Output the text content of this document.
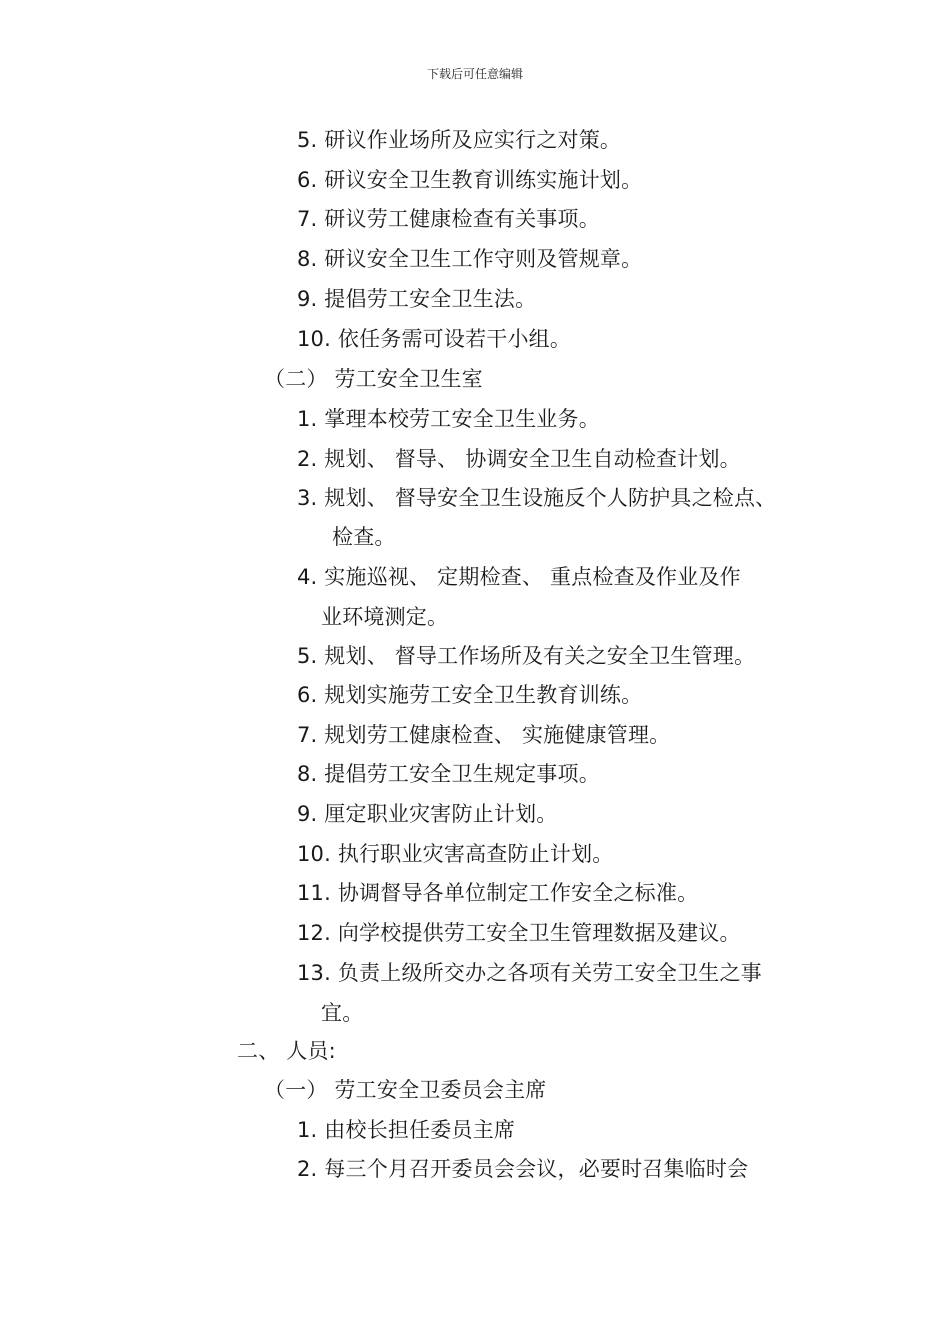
下载后可任意编辑
5. 研议作业场所及应实行之对策。
6. 研议安全卫生教育训练实施计划。
7. 研议劳工健康检查有关事项。
8. 研议安全卫生工作守则及管规章。
9. 提倡劳工安全卫生法。
10. 依任务需可设若干小组。
（二） 劳工安全卫生室
1. 掌理本校劳工安全卫生业务。
2. 规划、 督导、 协调安全卫生自动检查计划。
3. 规划、 督导安全卫生设施反个人防护具之检点、
检查。
4. 实施巡视、 定期检查、 重点检查及作业及作
业环境测定。
5. 规划、 督导工作场所及有关之安全卫生管理。
6. 规划实施劳工安全卫生教育训练。
7. 规划劳工健康检查、 实施健康管理。
8. 提倡劳工安全卫生规定事项。
9. 厘定职业灾害防止计划。
10. 执行职业灾害高查防止计划。
11. 协调督导各单位制定工作安全之标准。
12. 向学校提供劳工安全卫生管理数据及建议。
13. 负责上级所交办之各项有关劳工安全卫生之事
宜。
二、 人员:
（一） 劳工安全卫委员会主席
1. 由校长担任委员主席
2. 每三个月召开委员会会议，必要时召集临时会
